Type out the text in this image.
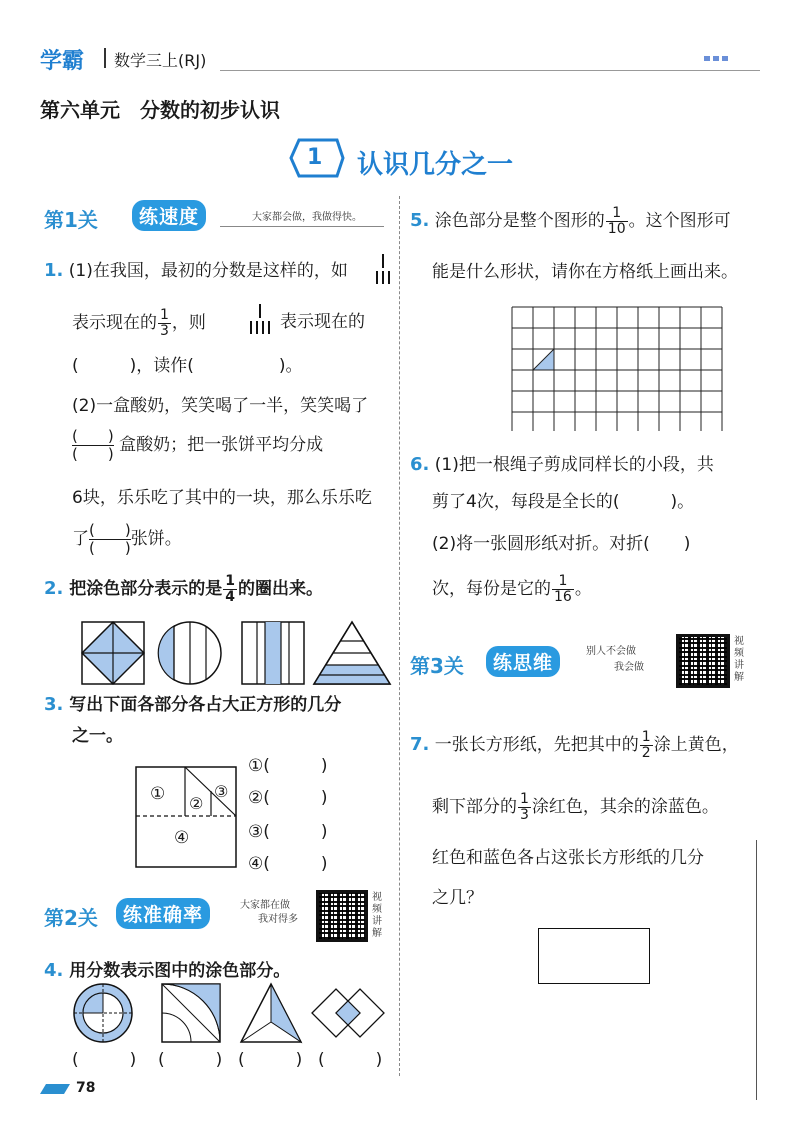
学霸 数学三上(RJ)
第六单元　分数的初步认识
1 认识几分之一
第1关	练速度	大家都会做，我做得快。
1. (1)在我国，最初的分数是这样的，如
表示现在的 $\frac{1}{3}$ ，则	表示现在的
(　　　)，读作(　　　　　)。
(2)一盒酸奶，笑笑喝了一半，笑笑喝了
$\frac{( )}{( )}$ 盒酸奶；把一张饼平均分成
6块，乐乐吃了其中的一块，那么乐乐吃
了 $\frac{( )}{( )}$ 张饼。
2. 把涂色部分表示的是 $\frac{1}{4}$ 的圈出来。
3. 写出下面各部分各占大正方形的几分
之一。
① ②
③
④
①(　　　)
②(　　　)
③(　　　)
④(　　　)
第2关	练准确率	大家都在做
我对得多
视频讲解
4. 用分数表示图中的涂色部分。
(　　　) (　　　) (　　　) (　　　)
78
5. 涂色部分是整个图形的 $\frac{1}{10}$ 。这个图形可
能是什么形状，请你在方格纸上画出来。
6. (1)把一根绳子剪成同样长的小段，共
剪了4次，每段是全长的(　　　)。
(2)将一张圆形纸对折。对折(　　)
次，每份是它的 $\frac{1}{16}$ 。
第3关	练思维
别人不会做
我会做
视频讲解
7. 一张长方形纸，先把其中的 $\frac{1}{2}$ 涂上黄色，
剩下部分的 $\frac{1}{3}$ 涂红色，其余的涂蓝色。
红色和蓝色各占这张长方形纸的几分
之几？
